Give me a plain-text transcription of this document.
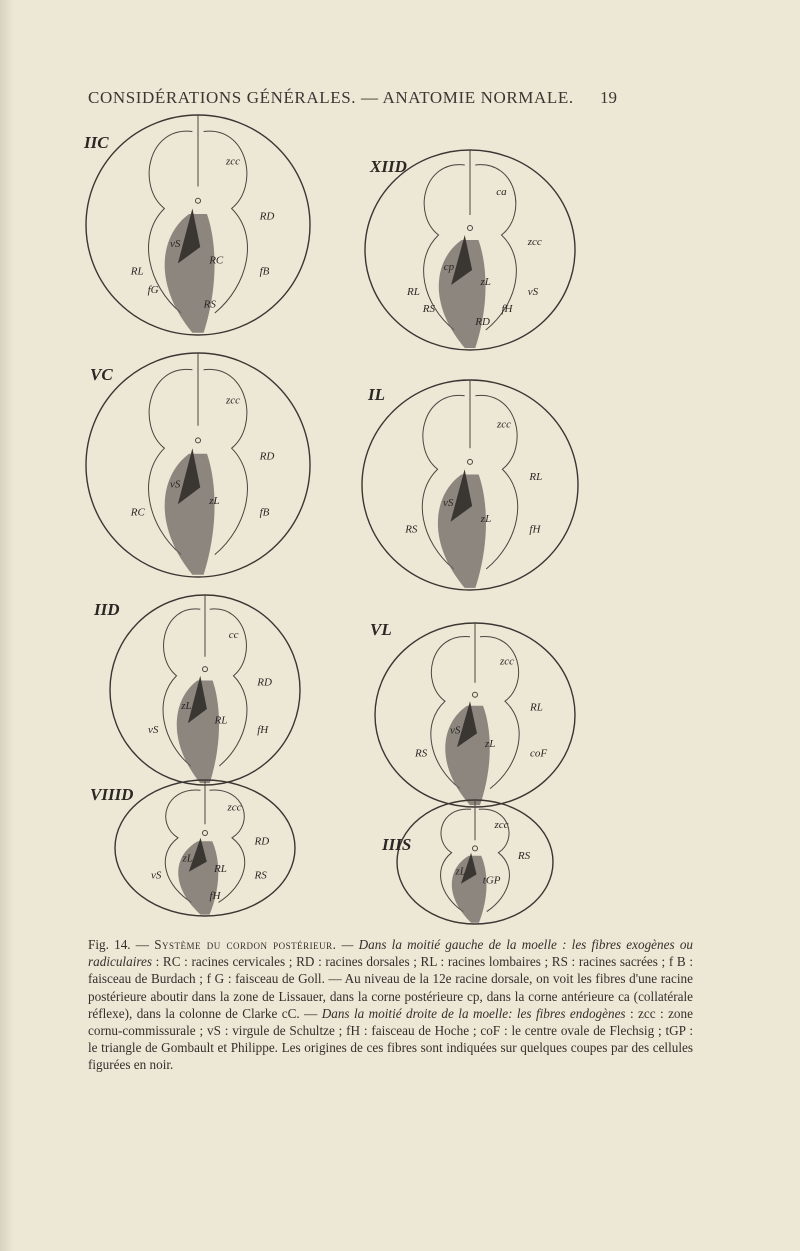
CONSIDÉRATIONS GÉNÉRALES. — ANATOMIE NORMALE.	19
IIC
zcc
RD
vS
RC
RL	fB
RS
fG
XIID
ca
zcc
cp
zL
RL	vS
RD
RS	fH
VC
zcc
RD
vS
zL
RC	fB
IL
zcc
RL
vS
zL
RS	fH
IID
cc
RD
zL
RL
vS	fH
VL
zcc
RL
vS
zL
RS	coF
VIIID
zcc
RD
zL
RL
vS	RS
fH
IIIS
zcc
RS
zL
tGP
Fig. 14. — Système du cordon postérieur. — Dans la moitié gauche de la moelle : les fibres exogènes ou radiculaires : RC : racines cervicales ; RD : racines dorsales ; RL : racines lombaires ; RS : racines sacrées ; f B : faisceau de Burdach ; f G : faisceau de Goll. — Au niveau de la 12e racine dorsale, on voit les fibres d'une racine postérieure aboutir dans la zone de Lissauer, dans la corne postérieure cp, dans la corne antérieure ca (collatérale réflexe), dans la colonne de Clarke cC. — Dans la moitié droite de la moelle: les fibres endogènes : zcc : zone cornu-commissurale ; vS : virgule de Schultze ; fH : faisceau de Hoche ; coF : le centre ovale de Flechsig ; tGP : le triangle de Gombault et Philippe. Les origines de ces fibres sont indiquées sur quelques coupes par des cellules figurées en noir.
